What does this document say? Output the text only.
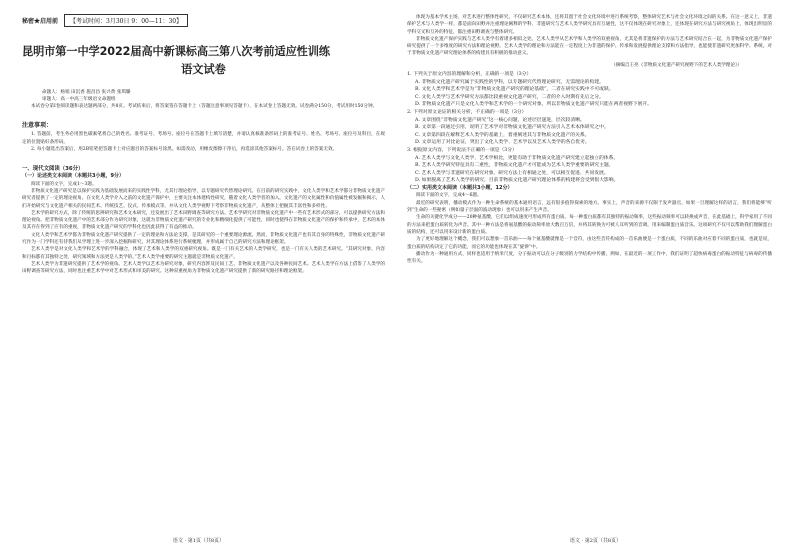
秘密★启用前	【考试时间：3月30日 9：00—11：30】

昆明市第一中学2022届高中新课标高三第八次考前适应性训练

语文试卷

命题人：杨娟 田沉香 施昌昌 张兴黄 张琪璐

审题人：高一中高三年级语文命题组

本试卷分第Ⅰ卷阅读题和表达题两部分，共8页。考试结束后，将答案签在答题卡上（答题注意事项见答题卡），在本试卷上答题无效。试卷满分150分，考试用时150分钟。

注意事项：

1. 答题前，考生务必用黑色碳素笔将自己的姓名、准考证号、考场号、座位号在答题卡上填写清楚，并请认真核准条形码上的准考证号、姓名、考场号、座位号及科目，在规定的位置贴好条形码。

2. 每小题选出答案后，用2B铅笔把答题卡上对应题目的答案标号涂黑。如需改动，用橡皮擦擦干净后，再选涂其他答案标号。答在试卷上的答案无效。

一、现代文阅读（36分）

（一）论述类文本阅读（本题共3小题，9分）

阅读下面的文字，完成1～3题。

非物质文化遗产研究是以保护实践为基础发展而来的实践性学科，尤其行理论指导，以专题研究代替理论研究。在目前的研究实践中，文化人类学和艺术学都分非物质文化遗产研究者提供了一定的理论视角。在文化人类学介入之前的文化遗产保护中，主要关注本体建构性研究，随着文化人类学者的加入，文化遗产的文化属性和价值属性被发掘和揭示，人们开始研究与文化遗产相关的民间艺术、传统技艺、仪式、传承模式等，并从文化人类学视野下考察非物质文化遗产，从整体上把握其丰富性和多样性。

艺术学的研究方式，除了传统的思辨研究和艺术文本研究，还发展出了艺术田野调查等研究方法。艺术学研究对非物质文化遗产中一些有艺术形式的部分，可以提供研究方法和理论视角。把非物质文化遗产中的艺术部分作为研究对象，这就为非物质文化遗产研究的专业化和精细化提供了可能性，同时也使得在非物质文化遗产的保护和传承中，艺术的本体及其存在得到了应有的重视，非物质文化遗产研究的学科化也因此获得了有益的推动。

文化人类学和艺术学都为非物质文化遗产研究提供了一定的理论和方法论支撑，是其研究的一个重要理论源流。然而，非物质文化遗产也有其自身的特殊性，非物质文化遗产研究作为一门学科还有待我们从学理上进一步深入挖掘和研究，对其理论体系进行系统梳理，并形成属于自己的研究方法和理论框架。

艺术人类学是对文化人类学和艺术学的学科融合，体现了艺术和人类学的双重研究视角。既是一门有关艺术的人类学研究，也是一门有关人类的艺术研究。“其研究对象、内容和目标都有其独特之处，研究领域和方法更是人类学的。”艺术人类学重要的研究主题就是非物质文化遗产。

艺术人类学为非遗研究提供了艺术学的视角。艺术人类学以艺术为研究对象，研究内容涉及民间工艺、非物质文化遗产以及各种民间艺术。艺术人类学在方法上借鉴了人类学的田野调查等研究方法，同时也注重艺术学中对艺术形式和审美的研究。这种双重视角为非物质文化遗产研究提供了新的研究路径和理论框架。

语文 · 第1页（共8页）

体现为基本学术主场，对艺术进行整体性研究，不仅研究艺术本体，还将其置于社会文化环境中进行系统考察，整体研究艺术与社会文化环境之间的关系。在这一意义上，非遗保护艺术与人类学一样，都是面向田野并注重理论阐释的学科，非遗研究与艺术人类学研究具有互通性，这不仅体现在研究对象上，还体现在研究方法与研究视角上，体现出明显的学科交叉和互补的特征，都注重田野调查与整体研究。

非物质文化遗产保护实践与艺术人类学有着诸多相似之处。艺术人类学从艺术学和人类学的双重视角，尤其是将非遗保护的方法与艺术研究结合在一起，为非物质文化遗产保护研究提供了一个多维度的研究方法和理论视野。艺术人类学的理论和方法能在一定程度上为非遗的保护、传承和发展提供理论支撑和方法指导，也能使非遗研究更加科学、系统。对于非物质文化遗产研究理论体系的构建具有积极的推动意义。

（摘编自王亮《非物质文化遗产研究视野下的艺术人类学理论》）

1. 下列关于原文内容的理解和分析，正确的一项是（3分）

A. 非物质文化遗产研究属于实践性的学科，以专题研究代替理论研究，无需理论的构建。

B. 文化人类学和艺术学是为“非物质文化遗产研究的理论基础”，二者在研究实践中不可或缺。

C. 文化人类学与艺术学研究方法都比较重视文化遗产研究，二者的介入时期有先后之分。

D. 非物质文化遗产只是文化人类学和艺术学的一个研究对象，所以非物质文化遗产研究只能在两者视野下展开。

2. 下列对原文论证的相关分析，不正确的一项是（3分）

A. 文章围绕“非物质文化遗产研究”这一核心问题，论述层层递进，层次较清晰。

B. 文章第一段通过引用，说明了艺术学对非物质文化遗产研究方法引入艺术本体研究之中。

C. 文章第四段在解释艺术人类学的基础上，着重阐述其与非物质文化遗产的关系。

D. 文章运用了对比论证，突出了文化人类学、艺术学以及艺术人类学的各自优劣。

3. 根据原文内容，下列说法不正确的一项是（3分）

A. 艺术人类学与文化人类学、艺术学相比，更能有助于非物质文化遗产研究建立起独立的体系。

B. 艺术人类学研究特征具有二重性，非物质文化遗产才可能成为艺术人类学重要的研究主题。

C. 艺术人类学与非遗研究在研究对象、研究方法上有相通之处，可以相互促进、共同发展。

D. 如果脱离了艺术人类学的研究，目前非物质文化遗产研究理论体系的构建将会受到很大影响。

（二）实用类文本阅读（本题共3小题，12分）

阅读下面的文字，完成4～6题。

最近的研究表明，播动模式作为一种生命系统的基本通用语言，远有很多值得探索的地方。事实上，声音的来源不仅限于发声器官，如果一旦理解这样的语言，我们将能够“听到”生命的一些秘密（例如量子层面的波动现象）也可以用来产生声音。

生命的关键化学成分——20种氨基酸，它们以组成速度可形成所有蛋白质。每一种蛋白质都有其独特的振动频率，这些振动频率可以转换成声音，在此基础上，科学家用了不同的方法来把蛋白质转化为声音。其中一种方法是将氨基酸的振动频率放大数百万倍，并将其转换为可被人耳听到的音调，用来编制蛋白质音乐。这项研究不仅可以帮助我们理解蛋白质的结构，还可以用来设计新的蛋白质。

为了更好地理解这个概念，我们可以想象一首乐曲——每个氨基酸就像是一个音符，由这些音符构成的一首乐曲便是一个蛋白质，不同的乐曲对应着不同的蛋白质，也就是说，蛋白质的结构决定了它的功能，而它的功能也体现在其“旋律”中。

播动作为一种通用方式，同样也适用于纳米尺度，分子振动可以在分子级别的力学结构中传播，例如，在最近的一项工作中，我们证明了超快病毒蛋白的振动特征与病毒的传播性有关。

语文 · 第2页（共8页）
